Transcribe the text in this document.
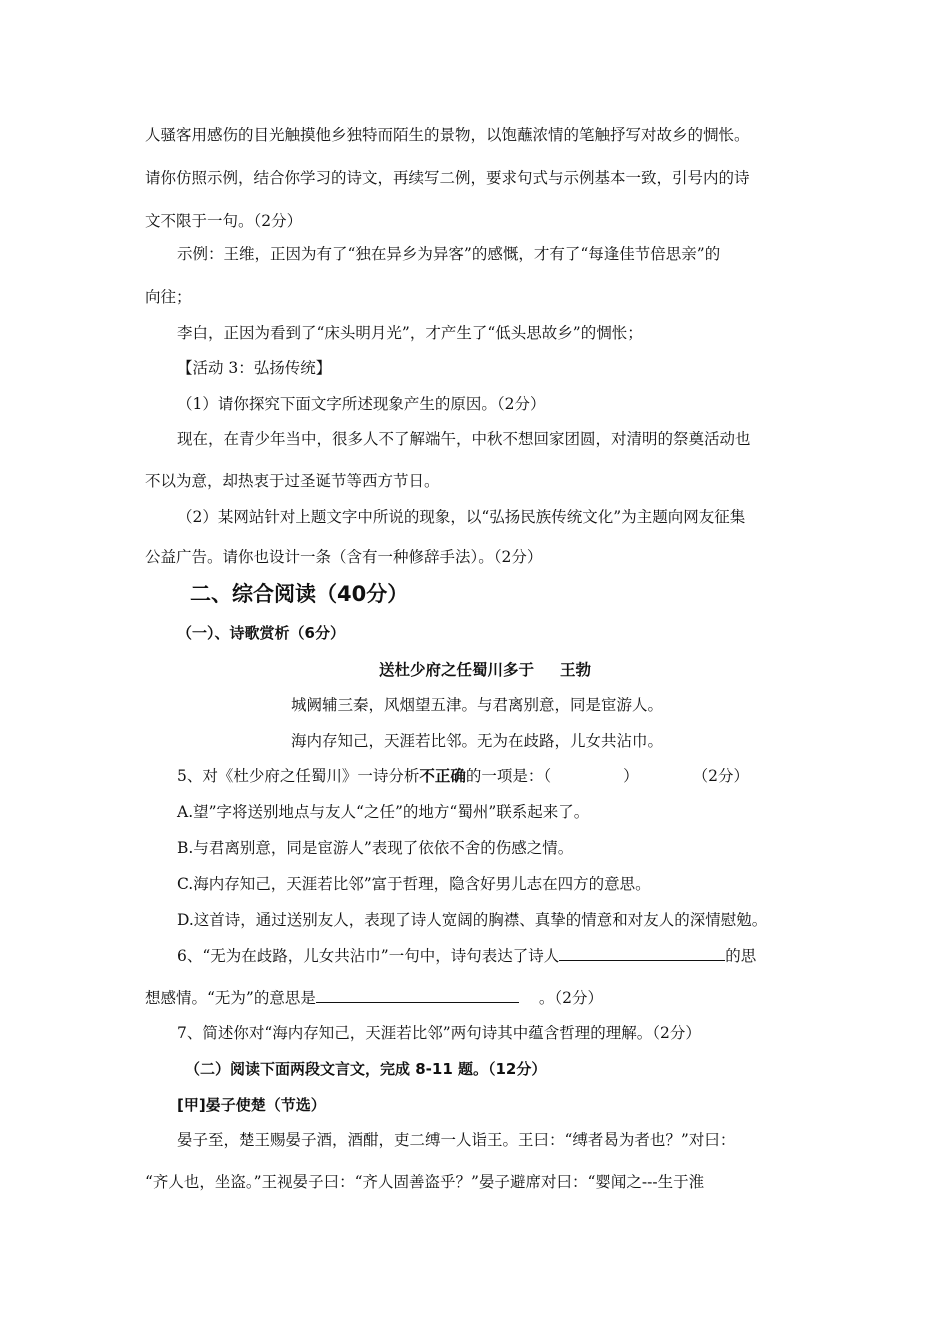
人骚客用感伤的目光触摸他乡独特而陌生的景物，以饱蘸浓情的笔触抒写对故乡的惆怅。
请你仿照示例，结合你学习的诗文，再续写二例，要求句式与示例基本一致，引号内的诗
文不限于一句。（2分）
示例：王维，正因为有了“独在异乡为异客”的感慨，才有了“每逢佳节倍思亲”的
向往；
李白，正因为看到了“床头明月光”，才产生了“低头思故乡”的惆怅；
【活动 3：弘扬传统】
（1）请你探究下面文字所述现象产生的原因。（2分）
现在，在青少年当中，很多人不了解端午，中秋不想回家团圆，对清明的祭奠活动也
不以为意，却热衷于过圣诞节等西方节日。
（2）某网站针对上题文字中所说的现象，以“弘扬民族传统文化”为主题向网友征集
公益广告。请你也设计一条（含有一种修辞手法）。（2分）
二、综合阅读（40分）
（一）、诗歌赏析（6分）
送杜少府之任蜀川多于 王勃
城阙辅三秦，风烟望五津。与君离别意，同是宦游人。
海内存知己，天涯若比邻。无为在歧路，儿女共沾巾。
5、对《杜少府之任蜀川》一诗分析不正确的一项是：（	）	（2分）
A.望”字将送别地点与友人“之任”的地方“蜀州”联系起来了。
B.与君离别意，同是宦游人”表现了依依不舍的伤感之情。
C.海内存知己，天涯若比邻”富于哲理，隐含好男儿志在四方的意思。
D.这首诗，通过送别友人，表现了诗人宽阔的胸襟、真挚的情意和对友人的深情慰勉。
6、“无为在歧路，儿女共沾巾”一句中，诗句表达了诗人	的思
想感情。“无为”的意思是	。（2分）
7、简述你对“海内存知己，天涯若比邻”两句诗其中蕴含哲理的理解。（2分）
（二）阅读下面两段文言文，完成 8-11 题。（12分）
[甲]晏子使楚（节选）
晏子至，楚王赐晏子酒，酒酣，吏二缚一人诣王。王曰：“缚者曷为者也？”对曰：
“齐人也，坐盗。”王视晏子曰：“齐人固善盗乎？”晏子避席对曰：“婴闻之---生于淮
